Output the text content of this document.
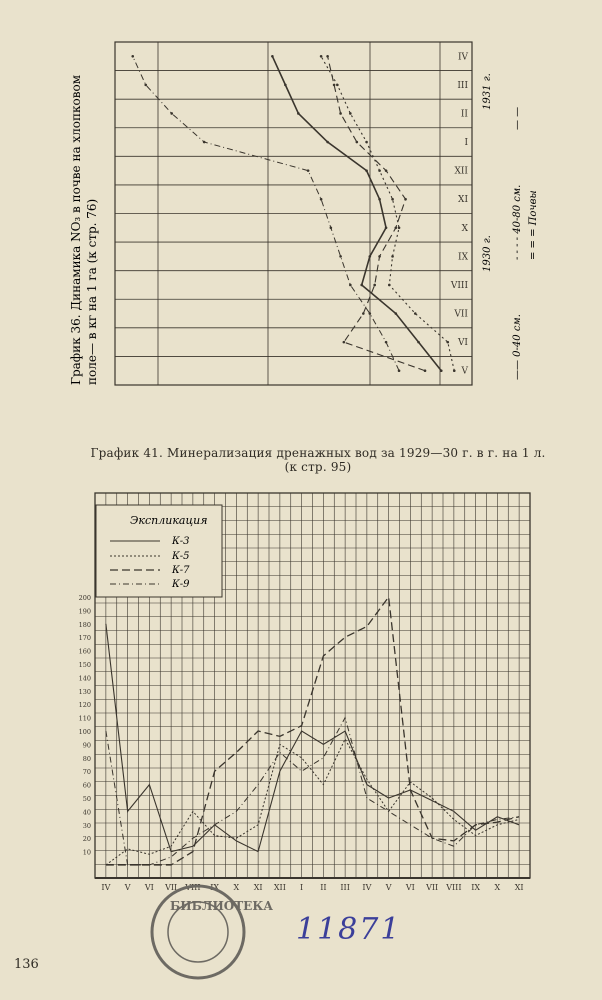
V
VI
VII
VIII
IX
X
XI
XII
I
II
III
IV
График 36. Динамика NO₃ в почве на хлопковом поле— в кг на 1 га (к стр. 76)	1930 г.
1931 г.
—— 0-40 cм.
- - - - 40-80 см. = = = Почвы
— —
График 41. Минерализация дренажных вод за 1929—30 г. в г. на 1 л.
(к стр. 95)
10
20
30
40
50
60
70
80
90
100
110
120
130
140
150
160
170
180
190
200
IV V VI VII VIII IX X XI XII I II III IV V VI VII VIII IX X XI
Экспликация
К-3
К-5
К-7
К-9
БИБЛИОТЕКА
136
11871
